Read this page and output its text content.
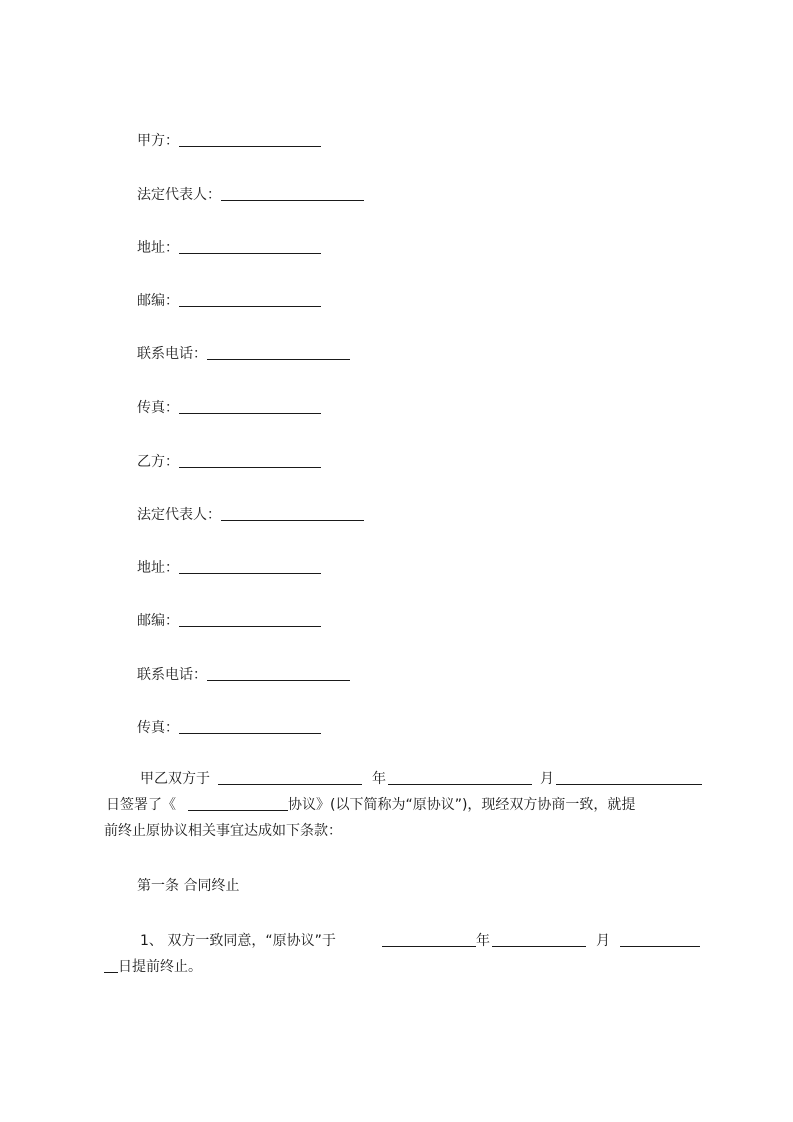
甲方：
法定代表人：
地址：
邮编：
联系电话：
传真：
乙方：
法定代表人：
地址：
邮编：
联系电话：
传真：
甲乙双方于	年	月
日签署了《	协议》(以下简称为“原协议”)，现经双方协商一致，就提
前终止原协议相关事宜达成如下条款：
第一条 合同终止
1、 双方一致同意，“原协议”于	年	月
日提前终止。
